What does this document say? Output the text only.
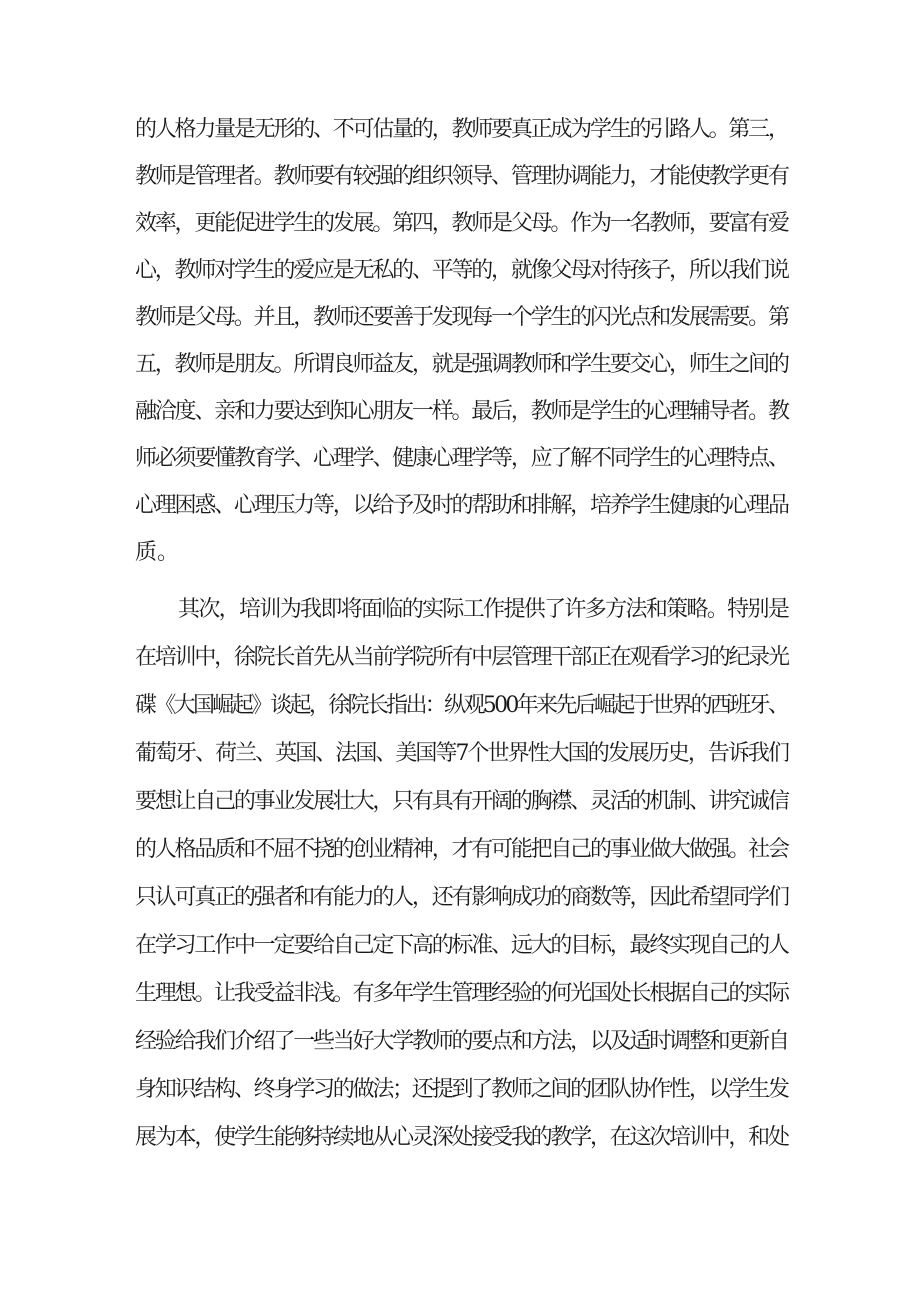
的人格力量是无形的、不可估量的，教师要真正成为学生的引路人。第三，

教师是管理者。教师要有较强的组织领导、管理协调能力，才能使教学更有

效率，更能促进学生的发展。第四，教师是父母。作为一名教师，要富有爱

心，教师对学生的爱应是无私的、平等的，就像父母对待孩子，所以我们说

教师是父母。并且，教师还要善于发现每一个学生的闪光点和发展需要。第

五，教师是朋友。所谓良师益友，就是强调教师和学生要交心，师生之间的

融洽度、亲和力要达到知心朋友一样。最后，教师是学生的心理辅导者。教

师必须要懂教育学、心理学、健康心理学等，应了解不同学生的心理特点、

心理困惑、心理压力等，以给予及时的帮助和排解，培养学生健康的心理品

质。

其次，培训为我即将面临的实际工作提供了许多方法和策略。特别是

在培训中，徐院长首先从当前学院所有中层管理干部正在观看学习的纪录光

碟《大国崛起》谈起，徐院长指出：纵观500年来先后崛起于世界的西班牙、

葡萄牙、荷兰、英国、法国、美国等7个世界性大国的发展历史，告诉我们

要想让自己的事业发展壮大，只有具有开阔的胸襟、灵活的机制、讲究诚信

的人格品质和不屈不挠的创业精神，才有可能把自己的事业做大做强。社会

只认可真正的强者和有能力的人，还有影响成功的商数等，因此希望同学们

在学习工作中一定要给自己定下高的标准、远大的目标，最终实现自己的人

生理想。让我受益非浅。有多年学生管理经验的何光国处长根据自己的实际

经验给我们介绍了一些当好大学教师的要点和方法，以及适时调整和更新自

身知识结构、终身学习的做法；还提到了教师之间的团队协作性，以学生发

展为本，使学生能够持续地从心灵深处接受我的教学，在这次培训中，和处
